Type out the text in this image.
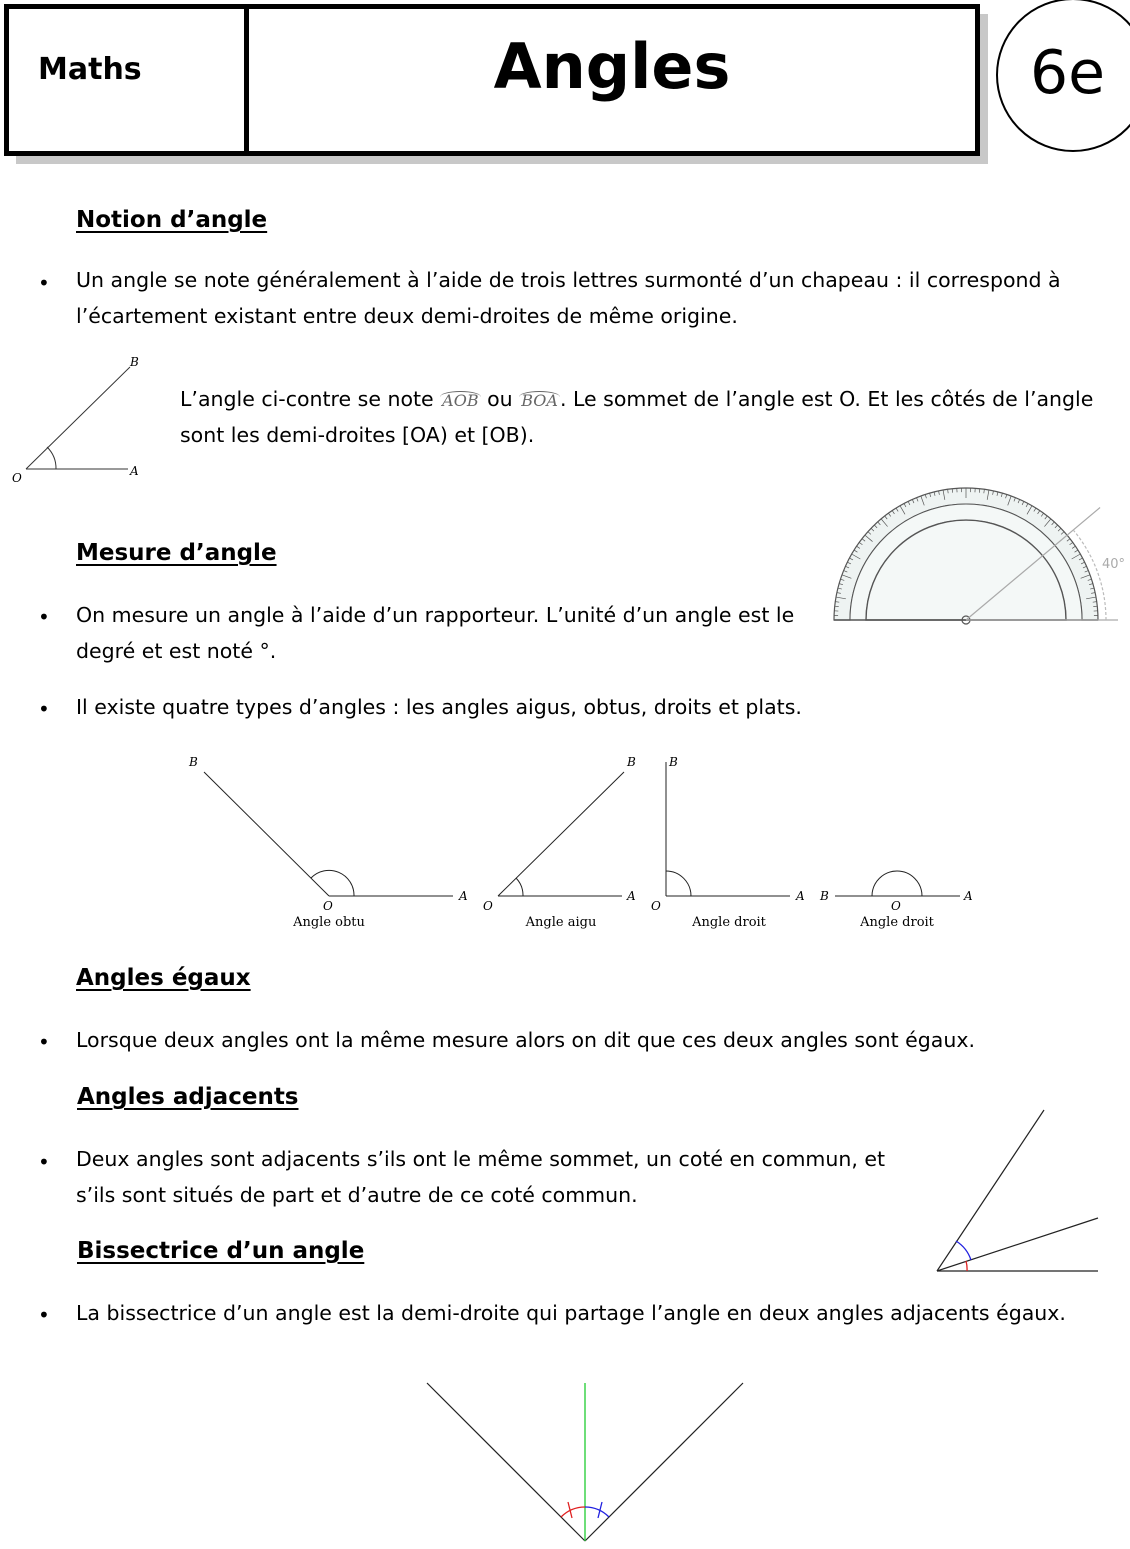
Maths	Angles	6e
Notion d’angle
• Un angle se note généralement à l’aide de trois lettres surmonté d’un chapeau : il correspond à
l’écartement existant entre deux demi-droites de même origine.
O	A
B
L’angle ci-contre se note AOB ou BOA. Le sommet de l’angle est O. Et les côtés de l’angle
sont les demi-droites [OA) et [OB).
Mesure d’angle
• On mesure un angle à l’aide d’un rapporteur. L’unité d’un angle est le
degré et est noté °.
• Il existe quatre types d’angles : les angles aigus, obtus, droits et plats.
40°
B
O
A
B
O
A
B
O
A B
O
A
Angle obtu	Angle aigu	Angle droit	Angle droit
Angles égaux
• Lorsque deux angles ont la même mesure alors on dit que ces deux angles sont égaux.
Angles adjacents
• Deux angles sont adjacents s’ils ont le même sommet, un coté en commun, et
s’ils sont situés de part et d’autre de ce coté commun.
Bissectrice d’un angle
• La bissectrice d’un angle est la demi-droite qui partage l’angle en deux angles adjacents égaux.
